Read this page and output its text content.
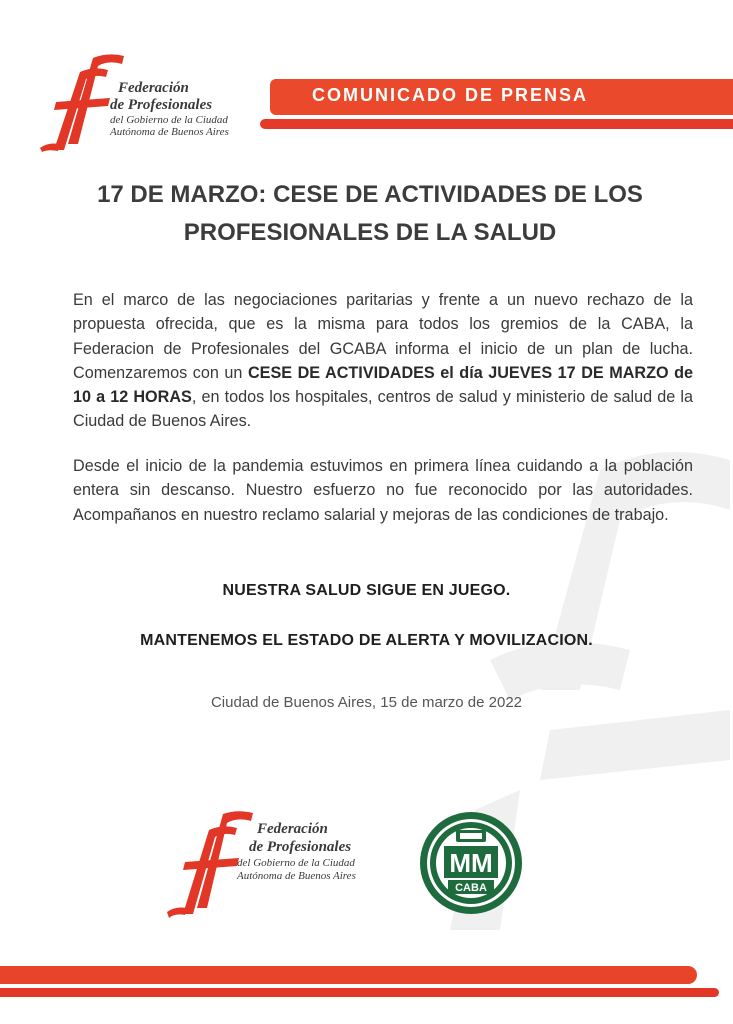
Federación
de Profesionales
del Gobierno de la Ciudad
Autónoma de Buenos Aires
COMUNICADO DE PRENSA
17 DE MARZO: CESE DE ACTIVIDADES DE LOS
PROFESIONALES DE LA SALUD
En el marco de las negociaciones paritarias y frente a un nuevo rechazo de la propuesta ofrecida, que es la misma para todos los gremios de la CABA, la Federacion de Profesionales del GCABA informa el inicio de un plan de lucha. Comenzaremos con un CESE DE ACTIVIDADES el día JUEVES 17 DE MARZO de 10 a 12 HORAS, en todos los hospitales, centros de salud y ministerio de salud de la Ciudad de Buenos Aires.
Desde el inicio de la pandemia estuvimos en primera línea cuidando a la población entera sin descanso. Nuestro esfuerzo no fue reconocido por las autoridades. Acompañanos en nuestro reclamo salarial y mejoras de las condiciones de trabajo.
NUESTRA SALUD SIGUE EN JUEGO.
MANTENEMOS EL ESTADO DE ALERTA Y MOVILIZACION.
Ciudad de Buenos Aires, 15 de marzo de 2022
Federación
de Profesionales
del Gobierno de la Ciudad
Autónoma de Buenos Aires	MM
CABA
